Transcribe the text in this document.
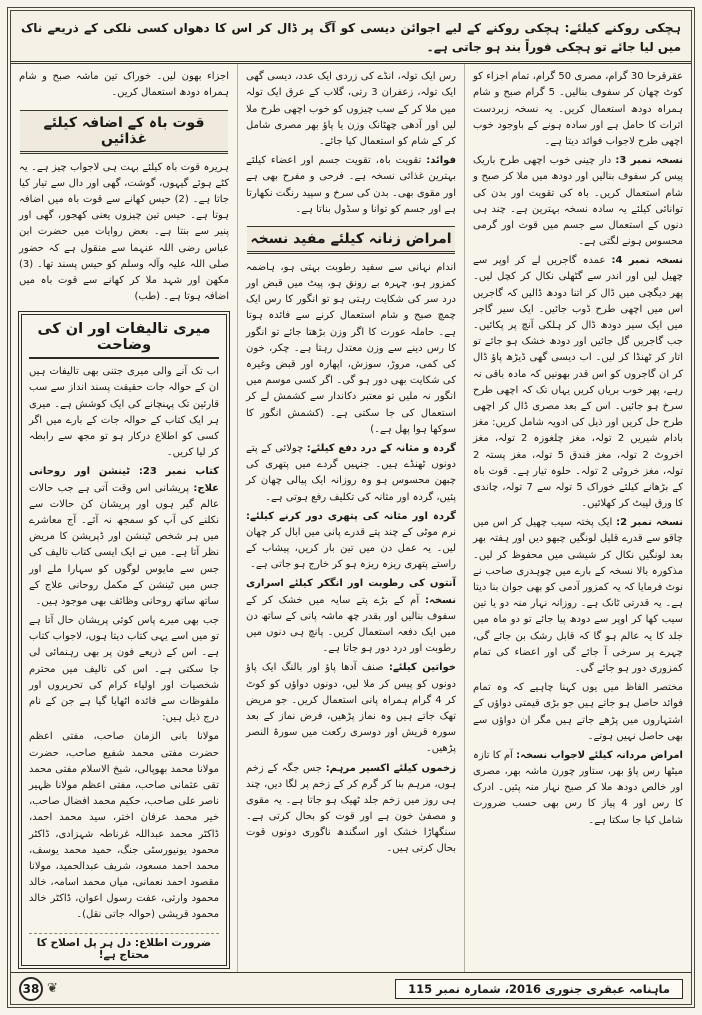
ہچکی روکنے کیلئے: ہچکی روکنے کے لیے اجوائن دیسی کو آگ پر ڈال کر اس کا دھواں کسی نلکی کے ذریعے ناک میں لیا جائے تو ہچکی فوراً بند ہو جاتی ہے۔

عقرقرحا 30 گرام، مصری 50 گرام، تمام اجزاء کو کوٹ چھان کر سفوف بنالیں۔ 5 گرام صبح و شام ہمراہ دودھ استعمال کریں۔ یہ نسخہ زبردست اثرات کا حامل ہے اور سادہ ہونے کے باوجود خوب اچھی طرح لاجواب فوائد دیتا ہے۔

نسخہ نمبر 3: دار چینی خوب اچھی طرح باریک پیس کر سفوف بنالیں اور دودھ میں ملا کر صبح و شام استعمال کریں۔ باہ کی تقویت اور بدن کی توانائی کیلئے یہ سادہ نسخہ بہترین ہے۔ چند ہی دنوں کے استعمال سے جسم میں قوت اور گرمی محسوس ہونے لگتی ہے۔

نسخہ نمبر 4: عمدہ گاجریں لے کر اوپر سے چھیل لیں اور اندر سے گٹھلی نکال کر کچل لیں۔ پھر دیگچی میں ڈال کر اتنا دودھ ڈالیں کہ گاجریں اس میں اچھی طرح ڈوب جائیں۔ ایک سیر گاجر میں ایک سیر دودھ ڈال کر ہلکی آنچ پر پکائیں۔ جب گاجریں گل جائیں اور دودھ خشک ہو جائے تو اتار کر ٹھنڈا کر لیں۔ اب دیسی گھی ڈیڑھ پاؤ ڈال کر ان گاجروں کو اس قدر بھونیں کہ مادہ باقی نہ رہے، پھر خوب بریاں کریں یہاں تک کہ اچھی طرح سرخ ہو جائیں۔ اس کے بعد مصری ڈال کر اچھی طرح حل کریں اور ذیل کی ادویہ شامل کریں: مغز بادام شیریں 2 تولہ، مغز چلغوزہ 2 تولہ، مغز اخروٹ 2 تولہ، مغز فندق 5 تولہ، مغز پستہ 2 تولہ، مغز خروٹی 2 تولہ۔ حلوہ تیار ہے۔ قوت باہ کے بڑھانے کیلئے خوراک 5 تولہ سے 7 تولہ، چاندی کا ورق لپیٹ کر کھلائیں۔

نسخہ نمبر 2: ایک پختہ سیب چھیل کر اس میں چاقو سے قدرے قلیل لونگیں چبھو دیں اور ہفتہ بھر بعد لونگیں نکال کر شیشی میں محفوظ کر لیں۔ مذکورہ بالا نسخہ کے بارے میں چوہدری صاحب نے نوٹ فرمایا کہ یہ کمزور آدمی کو بھی جوان بنا دیتا ہے۔ یہ قدرتی ٹانک ہے۔ روزانہ نہار منہ دو یا تین سیب کھا کر اوپر سے دودھ پیا جائے تو دو ماہ میں جلد کا یہ عالم ہو گا کہ قابل رشک بن جائے گی، چہرے پر سرخی آ جائے گی اور اعضاء کی تمام کمزوری دور ہو جائے گی۔

مختصر الفاظ میں یوں کہنا چاہیے کہ وہ تمام فوائد حاصل ہو جاتے ہیں جو بڑی قیمتی دواؤں کے اشتہاروں میں پڑھے جاتے ہیں مگر ان دواؤں سے بھی حاصل نہیں ہوتے۔

امراض مردانہ کیلئے لاجواب نسخہ: آم کا تازہ میٹھا رس پاؤ بھر، ستاور چورن ماشہ بھر، مصری اور خالص دودھ ملا کر صبح نہار منہ پئیں۔ ادرک کا رس اور 4 پیاز کا رس بھی حسب ضرورت شامل کیا جا سکتا ہے۔

رس ایک تولہ، انڈے کی زردی ایک عدد، دیسی گھی ایک تولہ، زعفران 3 رتی، گلاب کے عرق ایک تولہ میں ملا کر کے سب چیزوں کو خوب اچھی طرح ملا لیں اور آدھی چھٹانک وزن یا پاؤ بھر مصری شامل کر کے شام کو استعمال کیا جائے۔

فوائد: تقویت باہ، تقویت جسم اور اعضاء کیلئے بہترین غذائی نسخہ ہے۔ فرحی و مفرح بھی ہے اور مقوی بھی۔ بدن کی سرخ و سپید رنگت نکھارتا ہے اور جسم کو توانا و سڈول بناتا ہے۔

امراض زنانہ کیلئے مفید نسخہ

اندام نہانی سے سفید رطوبت بہتی ہو، ہاضمہ کمزور ہو، چہرہ بے رونق ہو، پیٹ میں قبض اور درد سر کی شکایت رہتی ہو تو انگور کا رس ایک چمچ صبح و شام استعمال کرنے سے فائدہ ہوتا ہے۔ حاملہ عورت کا اگر وزن بڑھتا جائے تو انگور کا رس دینے سے وزن معتدل رہتا ہے۔ چکر، خون کی کمی، مروڑ، سوزش، اپھارہ اور قبض وغیرہ کی شکایت بھی دور ہو گی۔ اگر کسی موسم میں انگور نہ ملیں تو معتبر دکاندار سے کشمش لے کر استعمال کی جا سکتی ہے۔ (کشمش انگور کا سوکھا ہوا پھل ہے۔)

گردہ و مثانہ کے درد دفع کیلئے: چولائی کے پتے دونوں ٹھنڈے ہیں۔ جنہیں گردے میں پتھری کی چبھن محسوس ہو وہ روزانہ ایک پیالی چھان کر پئیں، گردہ اور مثانہ کی تکلیف رفع ہوتی ہے۔

گردہ اور مثانہ کی پتھری دور کرنے کیلئے: نرم موٹی کے چند پتے قدرے پانی میں ابال کر چھان لیں۔ یہ عمل دن میں تین بار کریں، پیشاب کے راستے پتھری ریزہ ریزہ ہو کر خارج ہو جاتی ہے۔

آنتوں کی رطوبت اور انگکر کیلئے اسراری نسخہ: آم کے بڑے پتے سایہ میں خشک کر کے سفوف بنالیں اور بقدر چھ ماشہ پانی کے ساتھ دن میں ایک دفعہ استعمال کریں۔ پانچ ہی دنوں میں رطوبت اور درد دور ہو جاتا ہے۔

خواتین کیلئے: صنف آدھا پاؤ اور بالنگ ایک پاؤ دونوں کو پیس کر ملا لیں، دونوں دواؤں کو کوٹ کر 4 گرام ہمراہ پانی استعمال کریں۔ جو مریض تھک جاتے ہیں وہ نماز پڑھیں، فرض نماز کے بعد سورہ قریش اور دوسری رکعت میں سورۃ النصر پڑھیں۔

زخموں کیلئے اکسیر مرہم: جس جگہ کے زخم ہوں، مرہم بنا کر گرم کر کے زخم پر لگا دیں، چند ہی روز میں زخم جلد ٹھیک ہو جاتا ہے۔ یہ مقوی و مصفیٰ خون ہے اور قوت کو بحال کرتی ہے۔ سنگھاڑا خشک اور اسگندھ ناگوری دونوں قوت بحال کرتی ہیں۔

اجزاء بھون لیں۔ خوراک تین ماشہ صبح و شام ہمراہ دودھ استعمال کریں۔

قوت باہ کے اضافہ کیلئے غذائیں

ہریرہ قوت باہ کیلئے بہت ہی لاجواب چیز ہے۔ یہ کٹے ہوئے گیہوں، گوشت، گھی اور دال سے تیار کیا جاتا ہے۔ (2) حیس کھانے سے قوت باہ میں اضافہ ہوتا ہے۔ حیس تین چیزوں یعنی کھجور، گھی اور پنیر سے بنتا ہے۔ بعض روایات میں حضرت ابن عباس رضی اللہ عنہما سے منقول ہے کہ حضور صلی اللہ علیہ وآلہ وسلم کو حیس پسند تھا۔ (3) مکھن اور شہد ملا کر کھانے سے قوت باہ میں اضافہ ہوتا ہے۔ (طب)

میری تالیفات اور ان کی وضاحت

اب تک آنے والی میری جتنی بھی تالیفات ہیں ان کے حوالہ جات حقیقت پسند انداز سے سب قارئین تک پہنچانے کی ایک کوشش ہے۔ میری ہر ایک کتاب کے حوالہ جات کے بارے میں اگر کسی کو اطلاع درکار ہو تو مجھ سے رابطہ کر لیا کریں۔

کتاب نمبر 23: ٹینشن اور روحانی علاج: پریشانی اس وقت آتی ہے جب حالات عالم گیر ہوں اور پریشان کن حالات سے نکلنے کی آپ کو سمجھ نہ آئے۔ آج معاشرے میں ہر شخص ٹینشن اور ڈپریشن کا مریض نظر آتا ہے۔ میں نے ایک ایسی کتاب تالیف کی جس سے مایوس لوگوں کو سہارا ملے اور جس میں ٹینشن کے مکمل روحانی علاج کے ساتھ ساتھ روحانی وظائف بھی موجود ہیں۔

جب بھی میرے پاس کوئی پریشان حال آتا ہے تو میں اسے یہی کتاب دیتا ہوں، لاجواب کتاب ہے۔ اس کے ذریعے فون پر بھی رہنمائی لی جا سکتی ہے۔ اس کی تالیف میں محترم شخصیات اور اولیاء کرام کی تحریروں اور ملفوظات سے فائدہ اٹھایا گیا ہے جن کے نام درج ذیل ہیں:

مولانا بانی الزمان صاحب، مفتی اعظم حضرت مفتی محمد شفیع صاحب، حضرت مولانا محمد بھوپالی، شیخ الاسلام مفتی محمد تقی عثمانی صاحب، مفتی اعظم مولانا ظہیر ناصر علی صاحب، حکیم محمد افضال صاحب، خیر محمد عرفان اختر، سید محمد احمد، ڈاکٹر محمد عبداللہ غرناطہ شہزادی، ڈاکٹر محمود یونیورسٹی جنگ، حمید محمد یوسف، محمد احمد مسعود، شریف عبدالحمید، مولانا مقصود احمد نعمانی، میاں محمد اسامہ، خالد محمود وارثی، عفت رسول اعوان، ڈاکٹر خالد محمود قریشی (حوالہ جاتی نقل)۔

ضرورت اطلاع: دل ہر پل اصلاح کا محتاج ہے!
ماہنامہ عبقری جنوری 2016، شمارہ نمبر 115
❦
38
